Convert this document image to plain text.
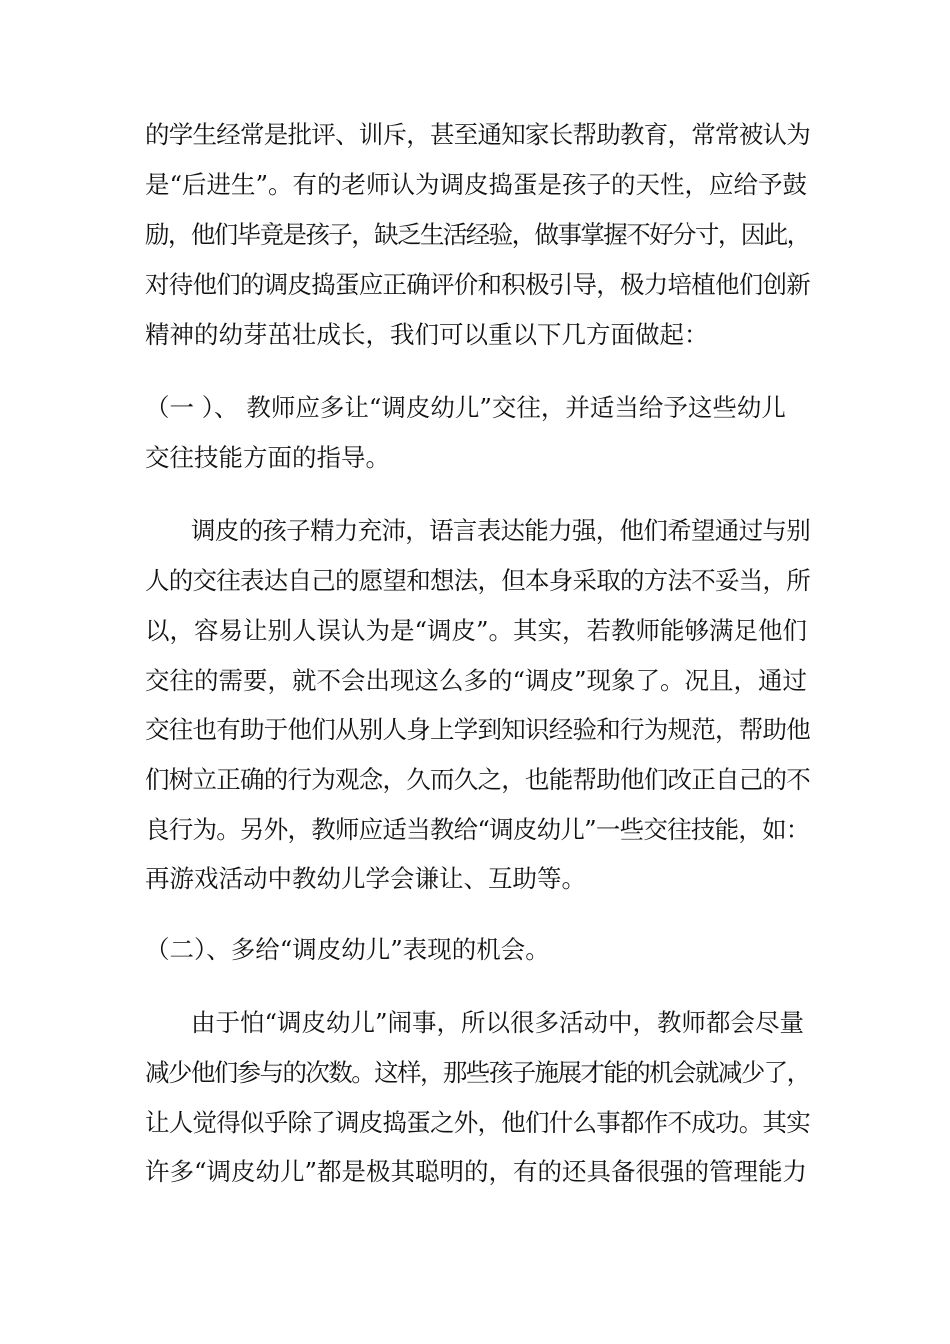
的学生经常是批评、训斥，甚至通知家长帮助教育，常常被认为
是“后进生”。有的老师认为调皮捣蛋是孩子的天性，应给予鼓
励，他们毕竟是孩子，缺乏生活经验，做事掌握不好分寸，因此，
对待他们的调皮捣蛋应正确评价和积极引导，极力培植他们创新
精神的幼芽茁壮成长，我们可以重以下几方面做起：
（一 ）、 教师应多让“调皮幼儿”交往，并适当给予这些幼儿
交往技能方面的指导。
调皮的孩子精力充沛，语言表达能力强，他们希望通过与别
人的交往表达自己的愿望和想法，但本身采取的方法不妥当，所
以，容易让别人误认为是“调皮”。其实，若教师能够满足他们
交往的需要，就不会出现这么多的“调皮”现象了。况且，通过
交往也有助于他们从别人身上学到知识经验和行为规范，帮助他
们树立正确的行为观念，久而久之，也能帮助他们改正自己的不
良行为。另外，教师应适当教给“调皮幼儿”一些交往技能，如：
再游戏活动中教幼儿学会谦让、互助等。
（二）、多给“调皮幼儿”表现的机会。
由于怕“调皮幼儿”闹事，所以很多活动中，教师都会尽量
减少他们参与的次数。这样，那些孩子施展才能的机会就减少了，
让人觉得似乎除了调皮捣蛋之外，他们什么事都作不成功。其实
许多“调皮幼儿”都是极其聪明的，有的还具备很强的管理能力
